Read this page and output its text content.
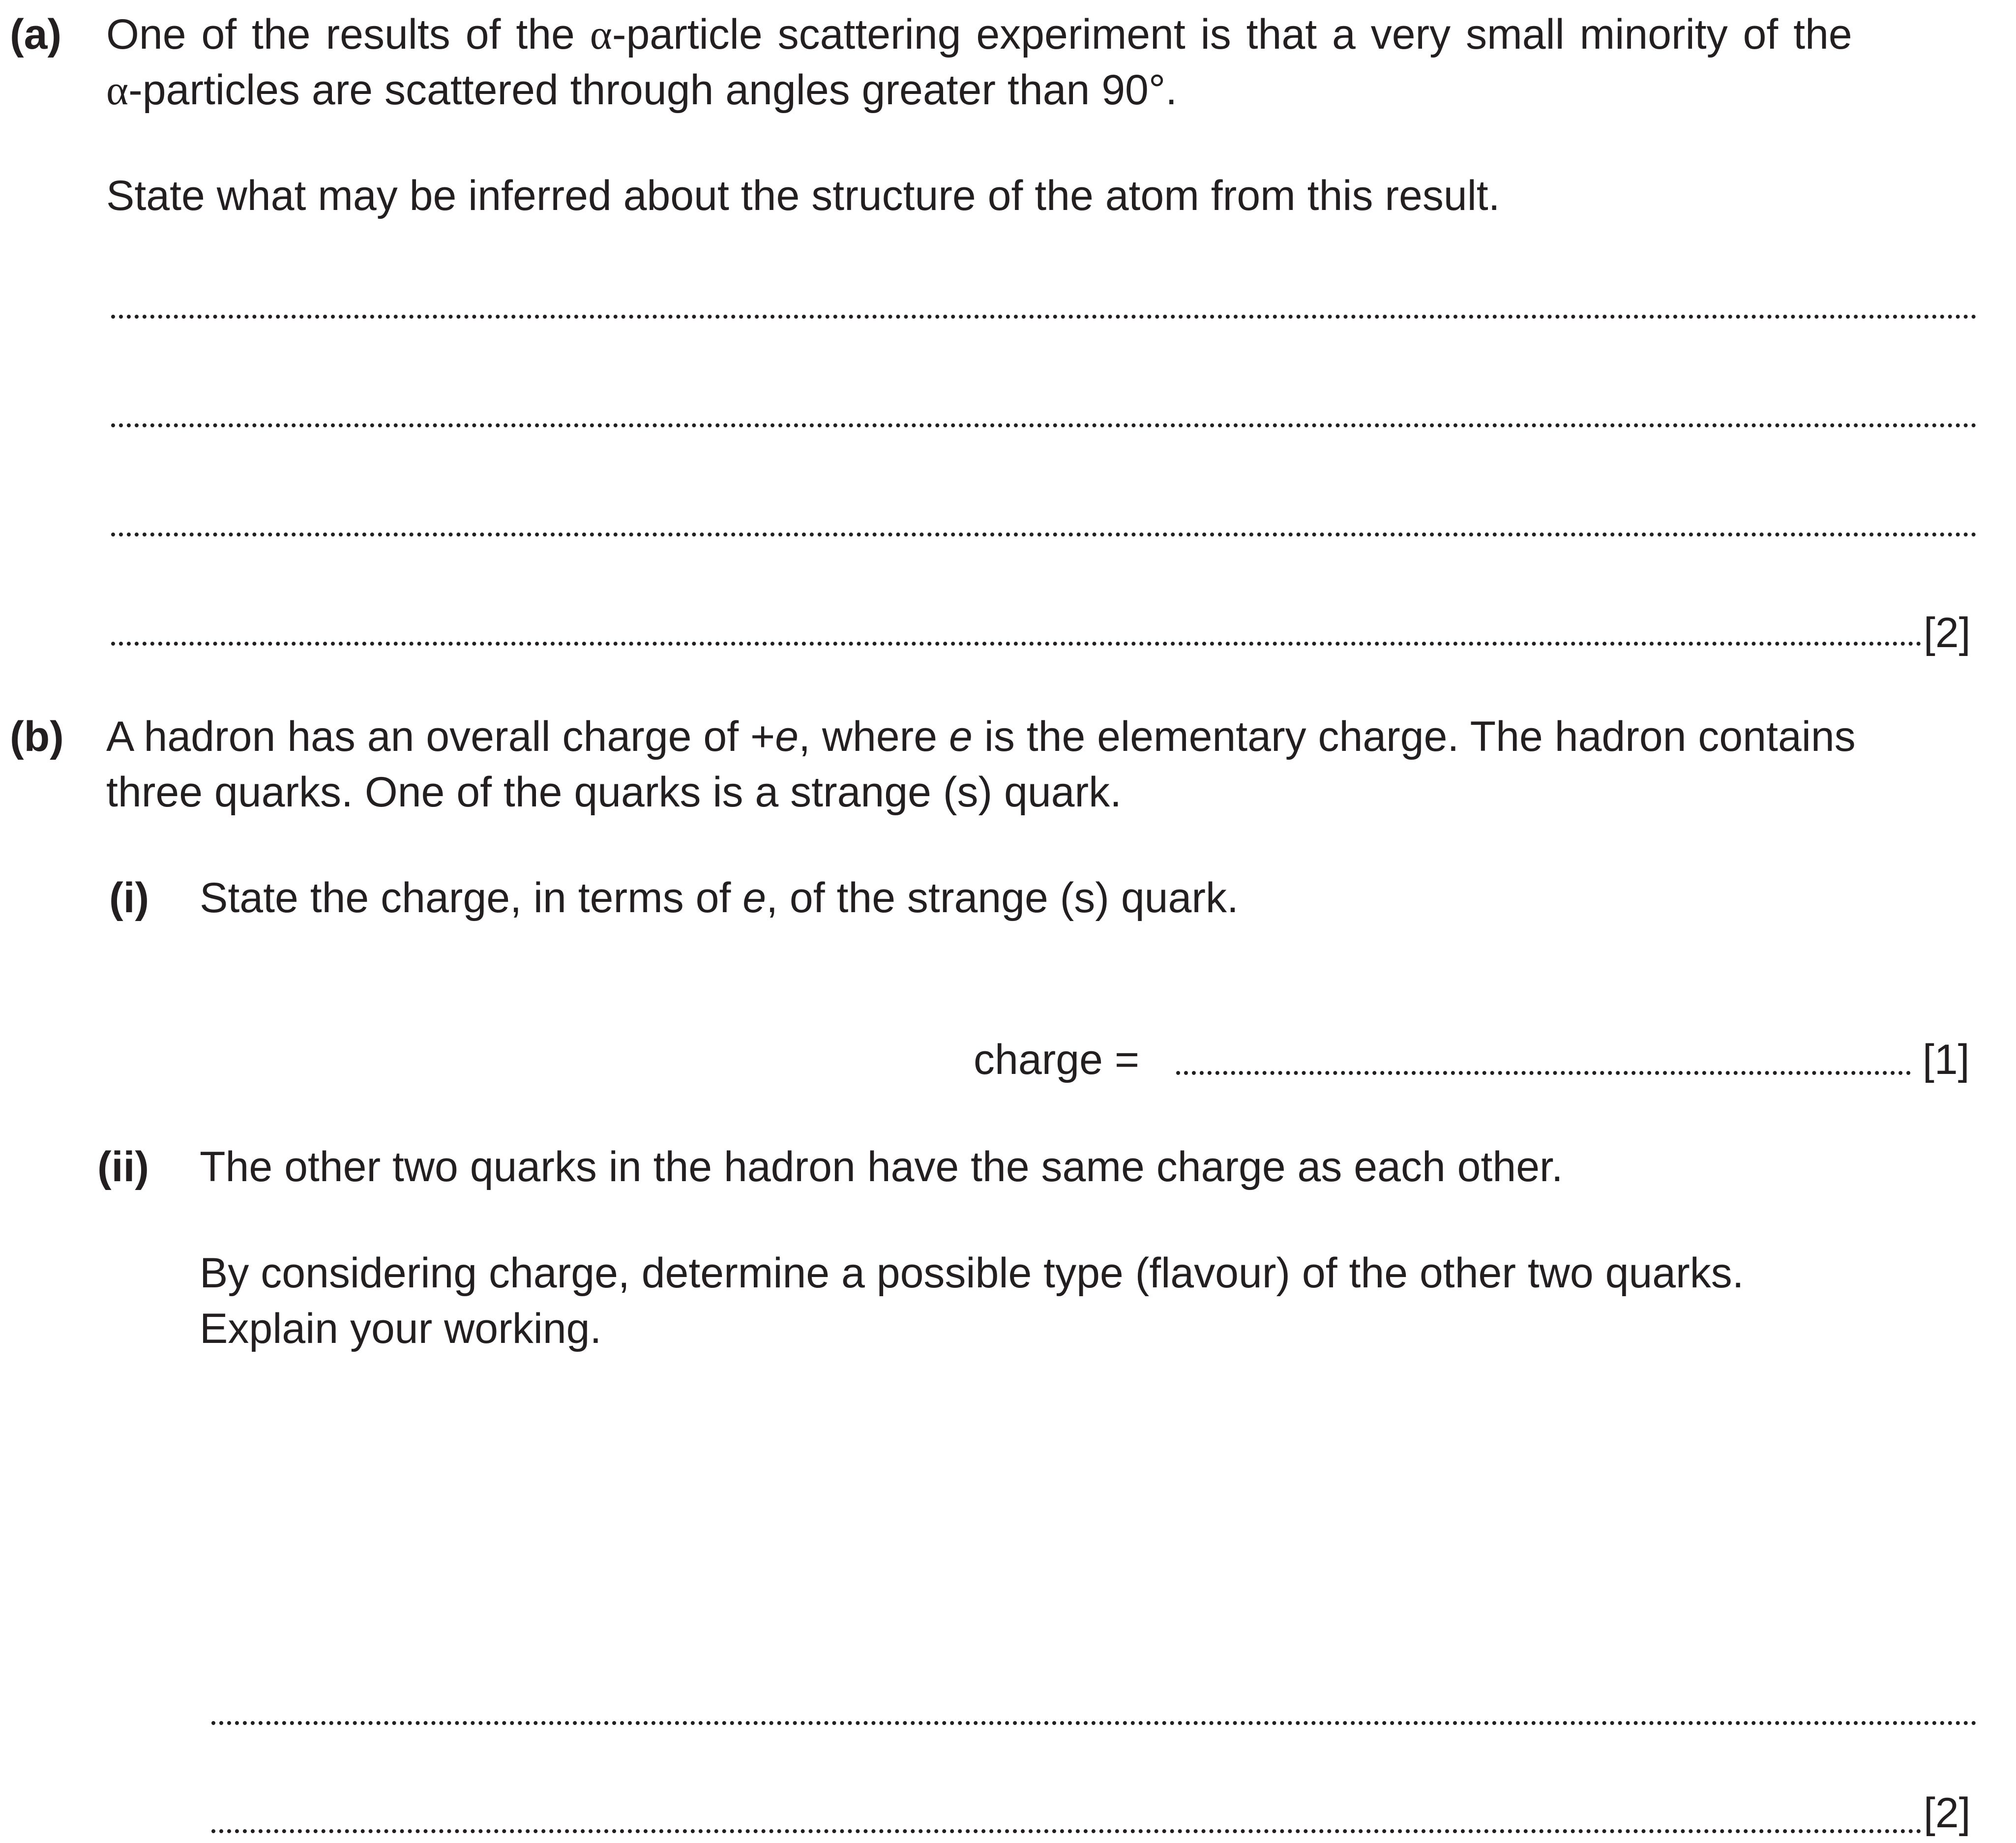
(a) One of the results of the α-particle scattering experiment is that a very small minority of the
α-particles are scattered through angles greater than 90°.
State what may be inferred about the structure of the atom from this result.
[2]
(b) A hadron has an overall charge of +e, where e is the elementary charge. The hadron contains
three quarks. One of the quarks is a strange (s) quark.
(i) State the charge, in terms of e, of the strange (s) quark.
charge =	[1]
(ii) The other two quarks in the hadron have the same charge as each other.
By considering charge, determine a possible type (flavour) of the other two quarks.
Explain your working.
[2]
